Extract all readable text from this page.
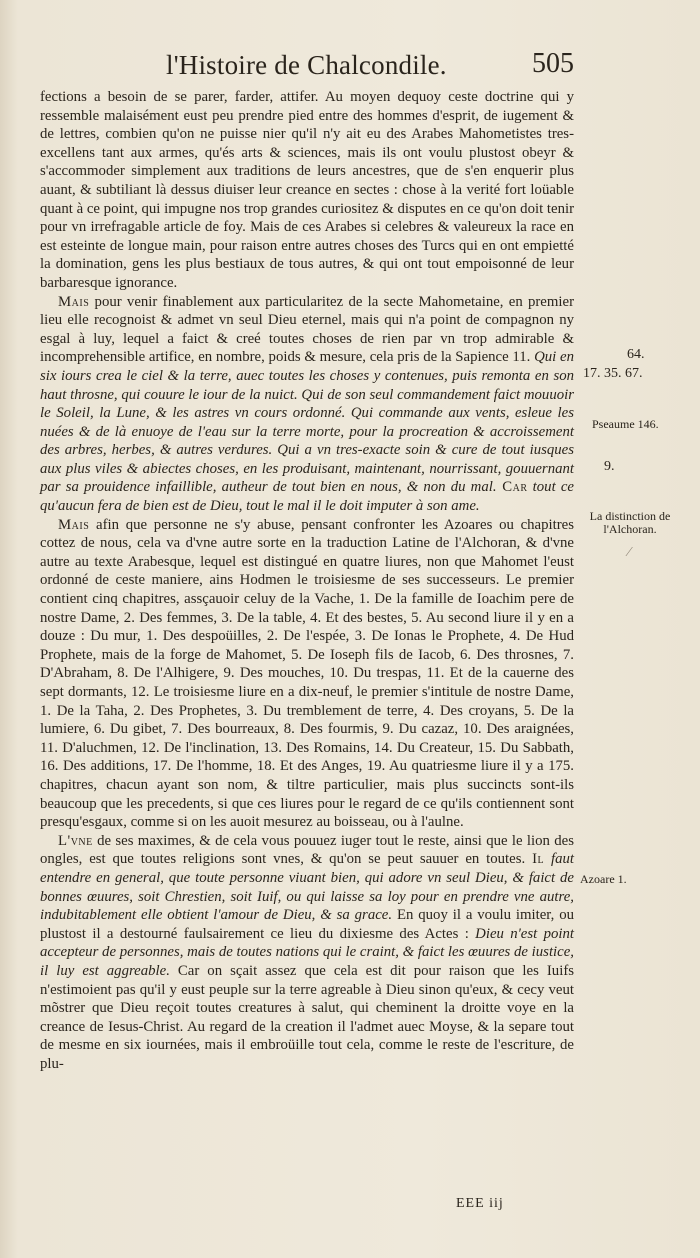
l'Histoire de Chalcondile.	505

fections a besoin de se parer, farder, attifer. Au moyen dequoy ceste doctrine qui y ressemble malaisément eust peu prendre pied entre des hommes d'esprit, de iugement & de lettres, combien qu'on ne puisse nier qu'il n'y ait eu des Arabes Mahometistes tres-excellens tant aux armes, qu'és arts & sciences, mais ils ont voulu plustost obeyr & s'accommoder simplement aux traditions de leurs ancestres, que de s'en enquerir plus auant, & subtiliant là dessus diuiser leur creance en sectes : chose à la verité fort loüable quant à ce point, qui impugne nos trop grandes curiositez & disputes en ce qu'on doit tenir pour vn irrefragable article de foy. Mais de ces Arabes si celebres & valeureux la race en est esteinte de longue main, pour raison entre autres choses des Turcs qui en ont empietté la domination, gens les plus bestiaux de tous autres, & qui ont tout empoisonné de leur barbaresque ignorance.

Mais pour venir finablement aux particularitez de la secte Mahometaine, en premier lieu elle recognoist & admet vn seul Dieu eternel, mais qui n'a point de compagnon ny esgal à luy, lequel a faict & creé toutes choses de rien par vn trop admirable & incomprehensible artifice, en nombre, poids & mesure, cela pris de la Sapience 11. Qui en six iours crea le ciel & la terre, auec toutes les choses y contenues, puis remonta en son haut throsne, qui couure le iour de la nuict. Qui de son seul commandement faict mouuoir le Soleil, la Lune, & les astres vn cours ordonné. Qui commande aux vents, esleue les nuées & de là enuoye de l'eau sur la terre morte, pour la procreation & accroissement des arbres, herbes, & autres verdures. Qui a vn tres-exacte soin & cure de tout iusques aux plus viles & abiectes choses, en les produisant, maintenant, nourrissant, gouuernant par sa prouidence infaillible, autheur de tout bien en nous, & non du mal. Car tout ce qu'aucun fera de bien est de Dieu, tout le mal il le doit imputer à son ame.

Mais afin que personne ne s'y abuse, pensant confronter les Azoares ou chapitres cottez de nous, cela va d'vne autre sorte en la traduction Latine de l'Alchoran, & d'vne autre au texte Arabesque, lequel est distingué en quatre liures, non que Mahomet l'eust ordonné de ceste maniere, ains Hodmen le troisiesme de ses successeurs. Le premier contient cinq chapitres, assçauoir celuy de la Vache, 1. De la famille de Ioachim pere de nostre Dame, 2. Des femmes, 3. De la table, 4. Et des bestes, 5. Au second liure il y en a douze : Du mur, 1. Des despoüilles, 2. De l'espée, 3. De Ionas le Prophete, 4. De Hud Prophete, mais de la forge de Mahomet, 5. De Ioseph fils de Iacob, 6. Des throsnes, 7. D'Abraham, 8. De l'Alhigere, 9. Des mouches, 10. Du trespas, 11. Et de la cauerne des sept dormants, 12. Le troisiesme liure en a dix-neuf, le premier s'intitule de nostre Dame, 1. De la Taha, 2. Des Prophetes, 3. Du tremblement de terre, 4. Des croyans, 5. De la lumiere, 6. Du gibet, 7. Des bourreaux, 8. Des fourmis, 9. Du cazaz, 10. Des araignées, 11. D'aluchmen, 12. De l'inclination, 13. Des Romains, 14. Du Createur, 15. Du Sabbath, 16. Des additions, 17. De l'homme, 18. Et des Anges, 19. Au quatriesme liure il y a 175. chapitres, chacun ayant son nom, & tiltre particulier, mais plus succincts sont-ils beaucoup que les precedents, si que ces liures pour le regard de ce qu'ils contiennent sont presqu'esgaux, comme si on les auoit mesurez au boisseau, ou à l'aulne.

L'vne de ses maximes, & de cela vous pouuez iuger tout le reste, ainsi que le lion des ongles, est que toutes religions sont vnes, & qu'on se peut sauuer en toutes. Il faut entendre en general, que toute personne viuant bien, qui adore vn seul Dieu, & faict de bonnes œuures, soit Chrestien, soit Iuif, ou qui laisse sa loy pour en prendre vne autre, indubitablement elle obtient l'amour de Dieu, & sa grace. En quoy il a voulu imiter, ou plustost il a destourné faulsairement ce lieu du dixiesme des Actes : Dieu n'est point accepteur de personnes, mais de toutes nations qui le craint, & faict les œuures de iustice, il luy est aggreable. Car on sçait assez que cela est dit pour raison que les Iuifs n'estimoient pas qu'il y eust peuple sur la terre agreable à Dieu sinon qu'eux, & cecy veut mõstrer que Dieu reçoit toutes creatures à salut, qui cheminent la droitte voye en la creance de Iesus-Christ. Au regard de la creation il l'admet auec Moyse, & la separe tout de mesme en six iournées, mais il embroüille tout cela, comme le reste de l'escriture, de plu-

64.
17. 35. 67.
Pseaume 146.
9.
La distinction de l'Alchoran.
Azoare 1.
⁄
EEE iij
